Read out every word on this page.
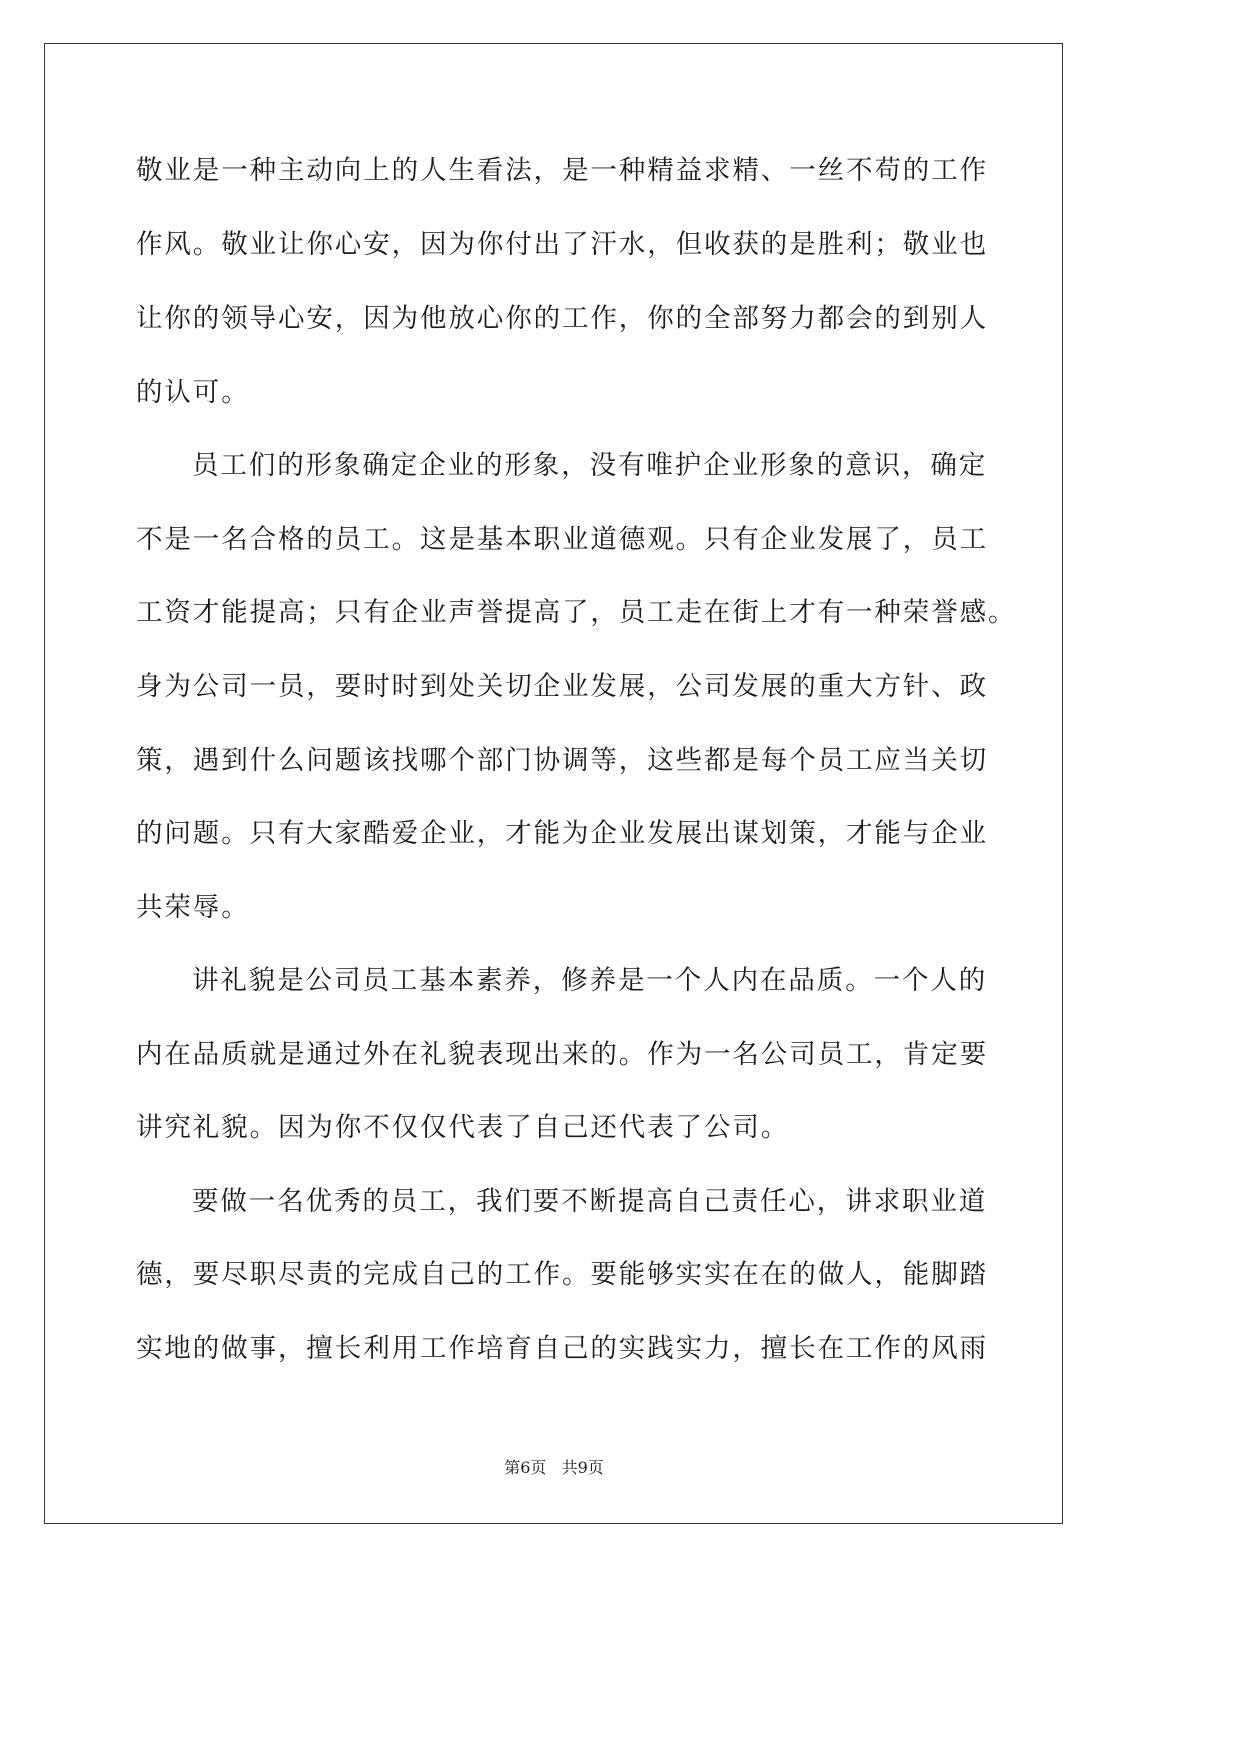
敬业是一种主动向上的人生看法，是一种精益求精、一丝不苟的工作
作风。敬业让你心安，因为你付出了汗水，但收获的是胜利；敬业也
让你的领导心安，因为他放心你的工作，你的全部努力都会的到别人
的认可。
员工们的形象确定企业的形象，没有唯护企业形象的意识，确定
不是一名合格的员工。这是基本职业道德观。只有企业发展了，员工
工资才能提高；只有企业声誉提高了，员工走在街上才有一种荣誉感。
身为公司一员，要时时到处关切企业发展，公司发展的重大方针、政
策，遇到什么问题该找哪个部门协调等，这些都是每个员工应当关切
的问题。只有大家酷爱企业，才能为企业发展出谋划策，才能与企业
共荣辱。
讲礼貌是公司员工基本素养，修养是一个人内在品质。一个人的
内在品质就是通过外在礼貌表现出来的。作为一名公司员工，肯定要
讲究礼貌。因为你不仅仅代表了自己还代表了公司。
要做一名优秀的员工，我们要不断提高自己责任心，讲求职业道
德，要尽职尽责的完成自己的工作。要能够实实在在的做人，能脚踏
实地的做事，擅长利用工作培育自己的实践实力，擅长在工作的风雨
第6页   共9页
